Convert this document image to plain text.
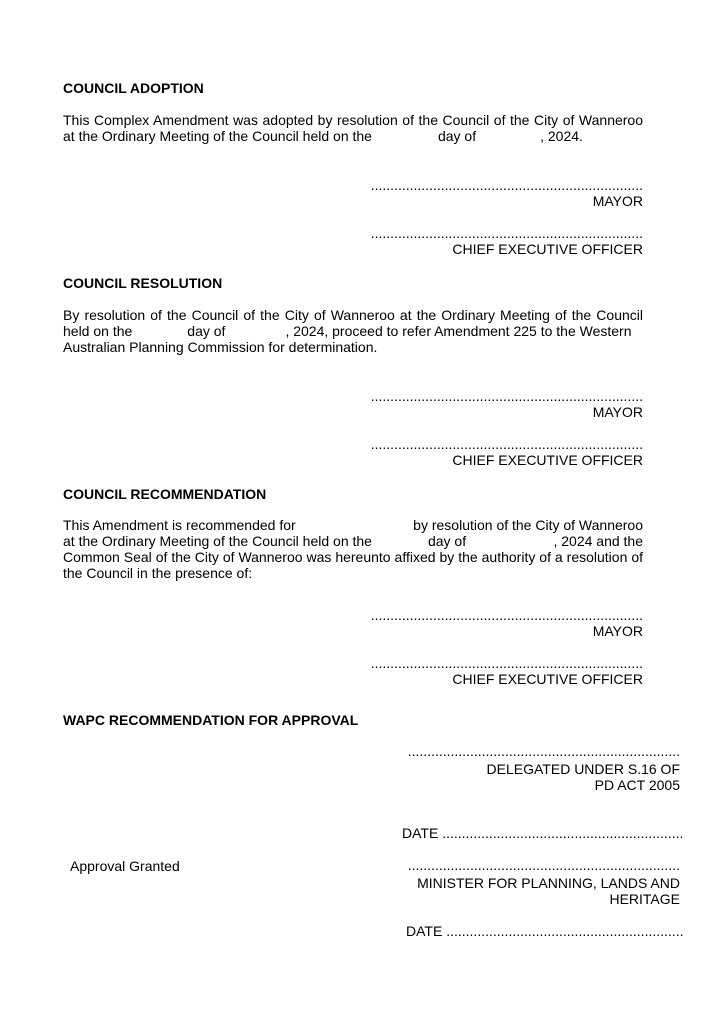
COUNCIL ADOPTION
This Complex Amendment was adopted by resolution of the Council of the City of Wanneroo
at the Ordinary Meeting of the Council held on the	day of	, 2024.
......................................................................
MAYOR
......................................................................
CHIEF EXECUTIVE OFFICER
COUNCIL RESOLUTION
By resolution of the Council of the City of Wanneroo at the Ordinary Meeting of the Council
held on the	day of	, 2024, proceed to refer Amendment 225 to the Western
Australian Planning Commission for determination.
......................................................................
MAYOR
......................................................................
CHIEF EXECUTIVE OFFICER
COUNCIL RECOMMENDATION
This Amendment is recommended for	by resolution of the City of Wanneroo
at the Ordinary Meeting of the Council held on the	day of	, 2024 and the
Common Seal of the City of Wanneroo was hereunto affixed by the authority of a resolution of
the Council in the presence of:
......................................................................
MAYOR
......................................................................
CHIEF EXECUTIVE OFFICER
WAPC RECOMMENDATION FOR APPROVAL
......................................................................
DELEGATED UNDER S.16 OF
PD ACT 2005
DATE ..............................................................
Approval Granted	......................................................................
MINISTER FOR PLANNING, LANDS AND
HERITAGE
DATE .............................................................
